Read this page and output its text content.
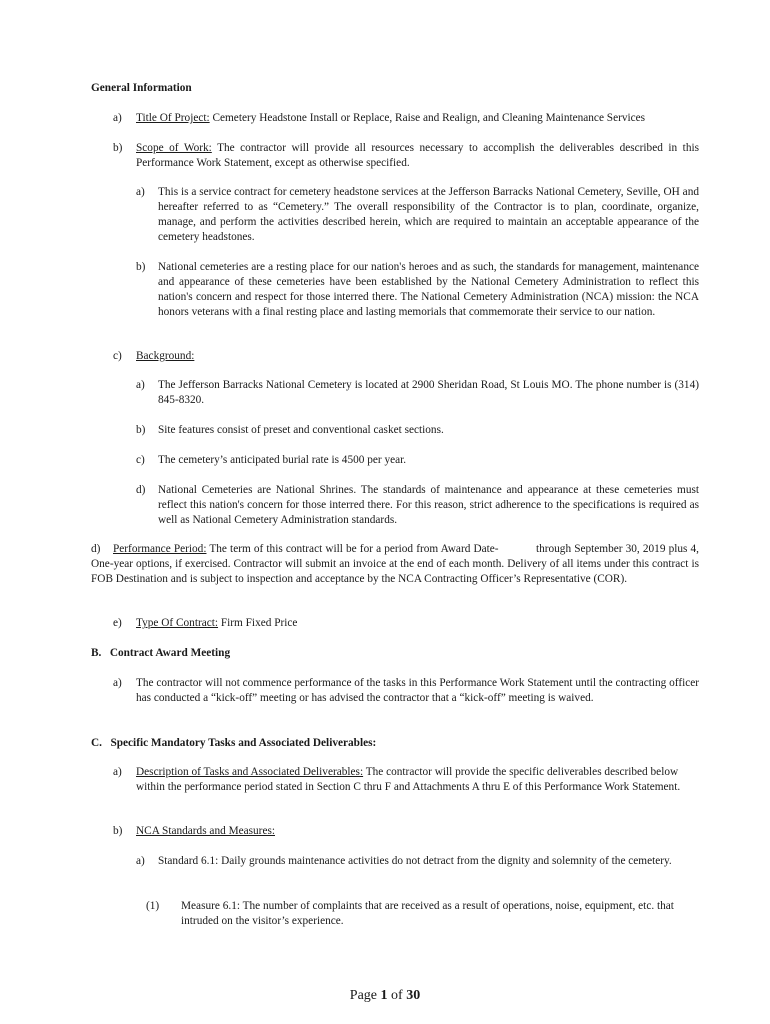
General Information
a) Title Of Project: Cemetery Headstone Install or Replace, Raise and Realign, and Cleaning Maintenance Services
b) Scope of Work: The contractor will provide all resources necessary to accomplish the deliverables described in this Performance Work Statement, except as otherwise specified.
a) This is a service contract for cemetery headstone services at the Jefferson Barracks National Cemetery, Seville, OH and hereafter referred to as “Cemetery.” The overall responsibility of the Contractor is to plan, coordinate, organize, manage, and perform the activities described herein, which are required to maintain an acceptable appearance of the cemetery headstones.
b) National cemeteries are a resting place for our nation's heroes and as such, the standards for management, maintenance and appearance of these cemeteries have been established by the National Cemetery Administration to reflect this nation's concern and respect for those interred there. The National Cemetery Administration (NCA) mission: the NCA honors veterans with a final resting place and lasting memorials that commemorate their service to our nation.
c) Background:
a) The Jefferson Barracks National Cemetery is located at 2900 Sheridan Road, St Louis MO. The phone number is (314) 845-8320.
b) Site features consist of preset and conventional casket sections.
c) The cemetery’s anticipated burial rate is 4500 per year.
d) National Cemeteries are National Shrines. The standards of maintenance and appearance at these cemeteries must reflect this nation's concern for those interred there. For this reason, strict adherence to the specifications is required as well as National Cemetery Administration standards.
d)	Performance Period: The term of this contract will be for a period from Award Date-            through September 30, 2019 plus 4, One-year options, if exercised. Contractor will submit an invoice at the end of each month. Delivery of all items under this contract is FOB Destination and is subject to inspection and acceptance by the NCA Contracting Officer’s Representative (COR).
e) Type Of Contract: Firm Fixed Price
B.   Contract Award Meeting
a) The contractor will not commence performance of the tasks in this Performance Work Statement until the contracting officer has conducted a “kick-off” meeting or has advised the contractor that a “kick-off” meeting is waived.
C.   Specific Mandatory Tasks and Associated Deliverables:
a) Description of Tasks and Associated Deliverables: The contractor will provide the specific deliverables described below within the performance period stated in Section C thru F and Attachments A thru E of this Performance Work Statement.
b) NCA Standards and Measures:
a) Standard 6.1: Daily grounds maintenance activities do not detract from the dignity and solemnity of the cemetery.
(1) Measure 6.1: The number of complaints that are received as a result of operations, noise, equipment, etc. that intruded on the visitor’s experience.
Page 1 of 30
